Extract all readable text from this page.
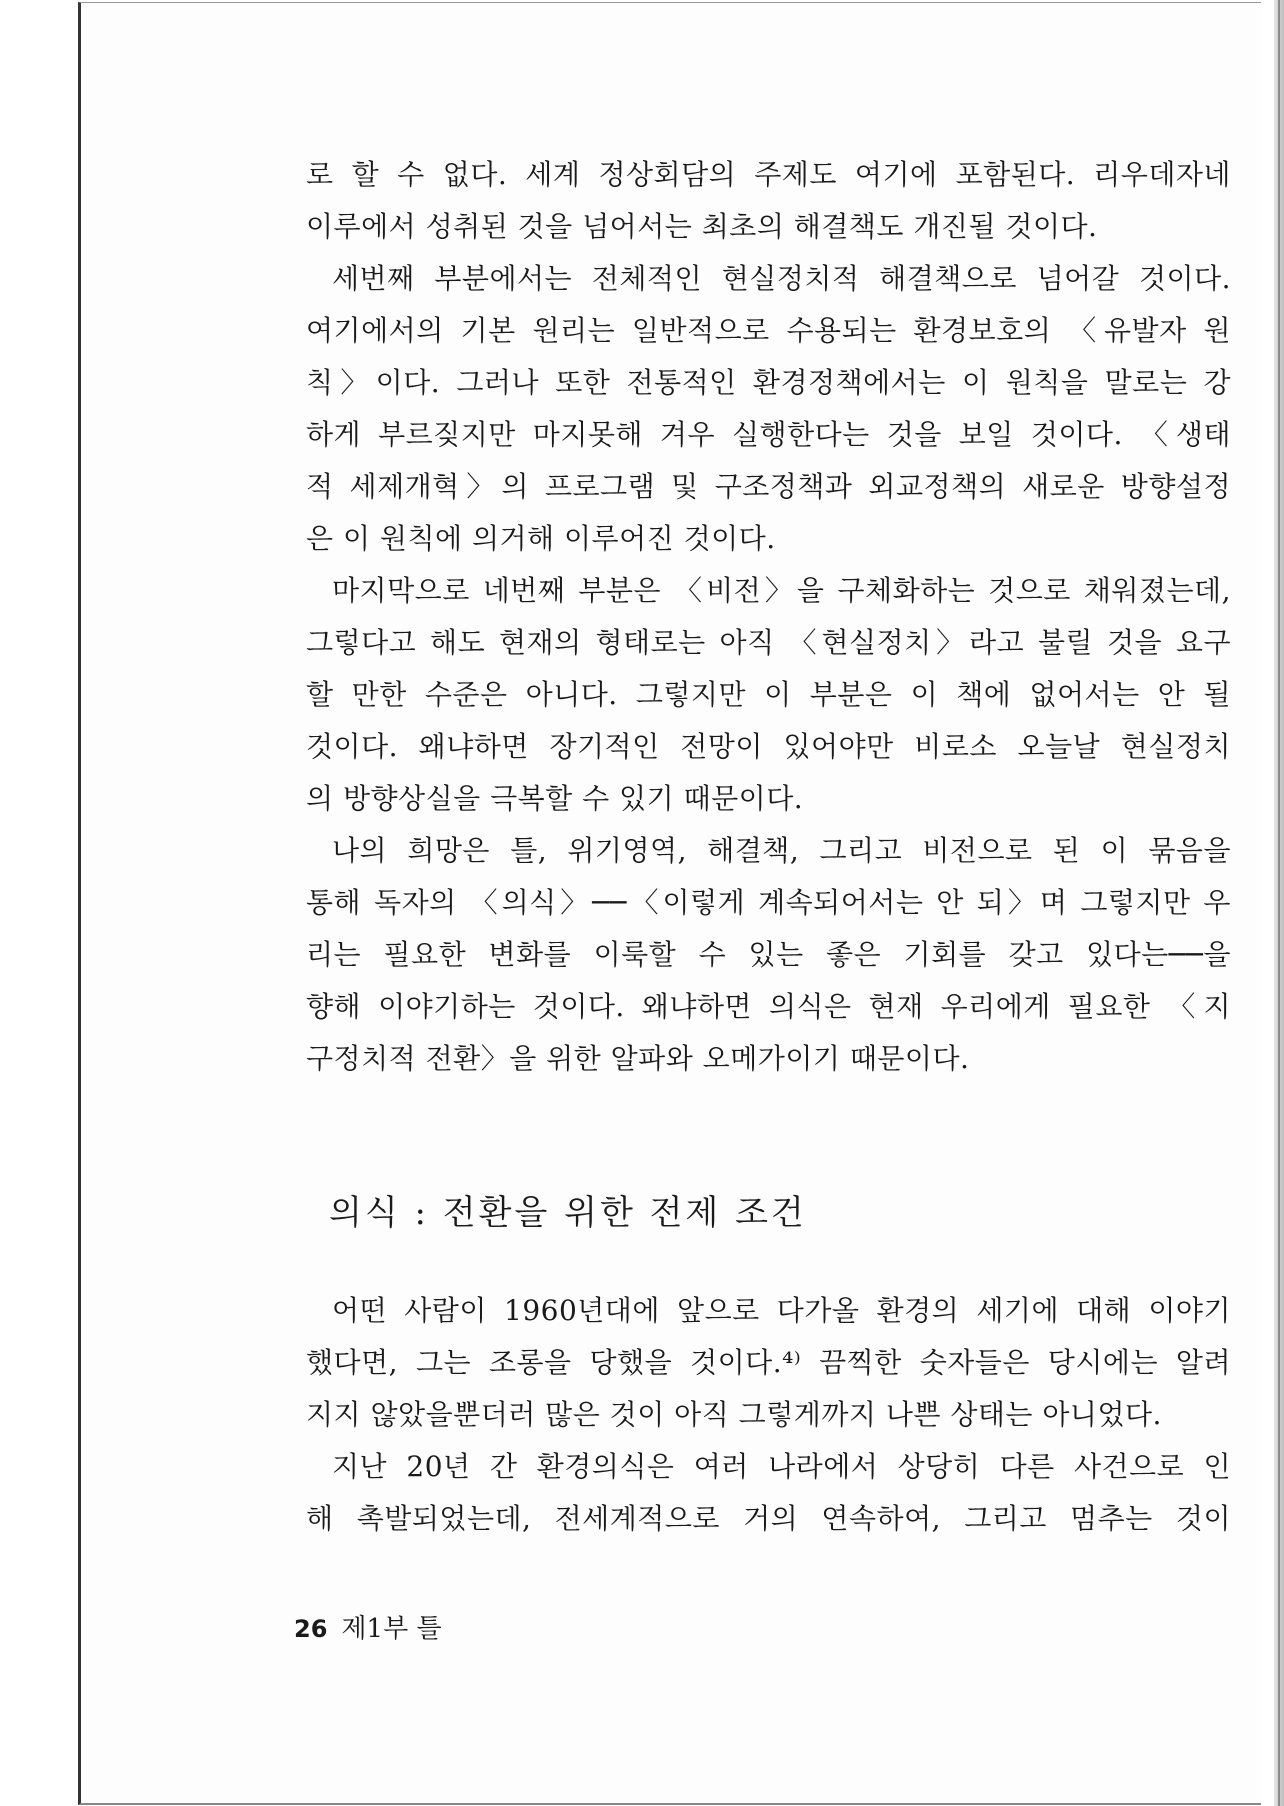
로 할 수 없다. 세계 정상회담의 주제도 여기에 포함된다. 리우데자네
이루에서 성취된 것을 넘어서는 최초의 해결책도 개진될 것이다.
세번째 부분에서는 전체적인 현실정치적 해결책으로 넘어갈 것이다.
여기에서의 기본 원리는 일반적으로 수용되는 환경보호의 〈유발자 원
칙〉이다. 그러나 또한 전통적인 환경정책에서는 이 원칙을 말로는 강
하게 부르짖지만 마지못해 겨우 실행한다는 것을 보일 것이다. 〈생태
적 세제개혁〉의 프로그램 및 구조정책과 외교정책의 새로운 방향설정
은 이 원칙에 의거해 이루어진 것이다.
마지막으로 네번째 부분은 〈비전〉을 구체화하는 것으로 채워졌는데,
그렇다고 해도 현재의 형태로는 아직 〈현실정치〉라고 불릴 것을 요구
할 만한 수준은 아니다. 그렇지만 이 부분은 이 책에 없어서는 안 될
것이다. 왜냐하면 장기적인 전망이 있어야만 비로소 오늘날 현실정치
의 방향상실을 극복할 수 있기 때문이다.
나의 희망은 틀, 위기영역, 해결책, 그리고 비전으로 된 이 묶음을
통해 독자의 〈의식〉──〈이렇게 계속되어서는 안 되〉며 그렇지만 우
리는 필요한 변화를 이룩할 수 있는 좋은 기회를 갖고 있다는──을
향해 이야기하는 것이다. 왜냐하면 의식은 현재 우리에게 필요한 〈지
구정치적 전환〉을 위한 알파와 오메가이기 때문이다.
의식 : 전환을 위한 전제 조건
어떤 사람이 1960년대에 앞으로 다가올 환경의 세기에 대해 이야기
했다면, 그는 조롱을 당했을 것이다.⁴⁾ 끔찍한 숫자들은 당시에는 알려
지지 않았을뿐더러 많은 것이 아직 그렇게까지 나쁜 상태는 아니었다.
지난 20년 간 환경의식은 여러 나라에서 상당히 다른 사건으로 인
해 촉발되었는데, 전세계적으로 거의 연속하여, 그리고 멈추는 것이
26 제1부 틀
